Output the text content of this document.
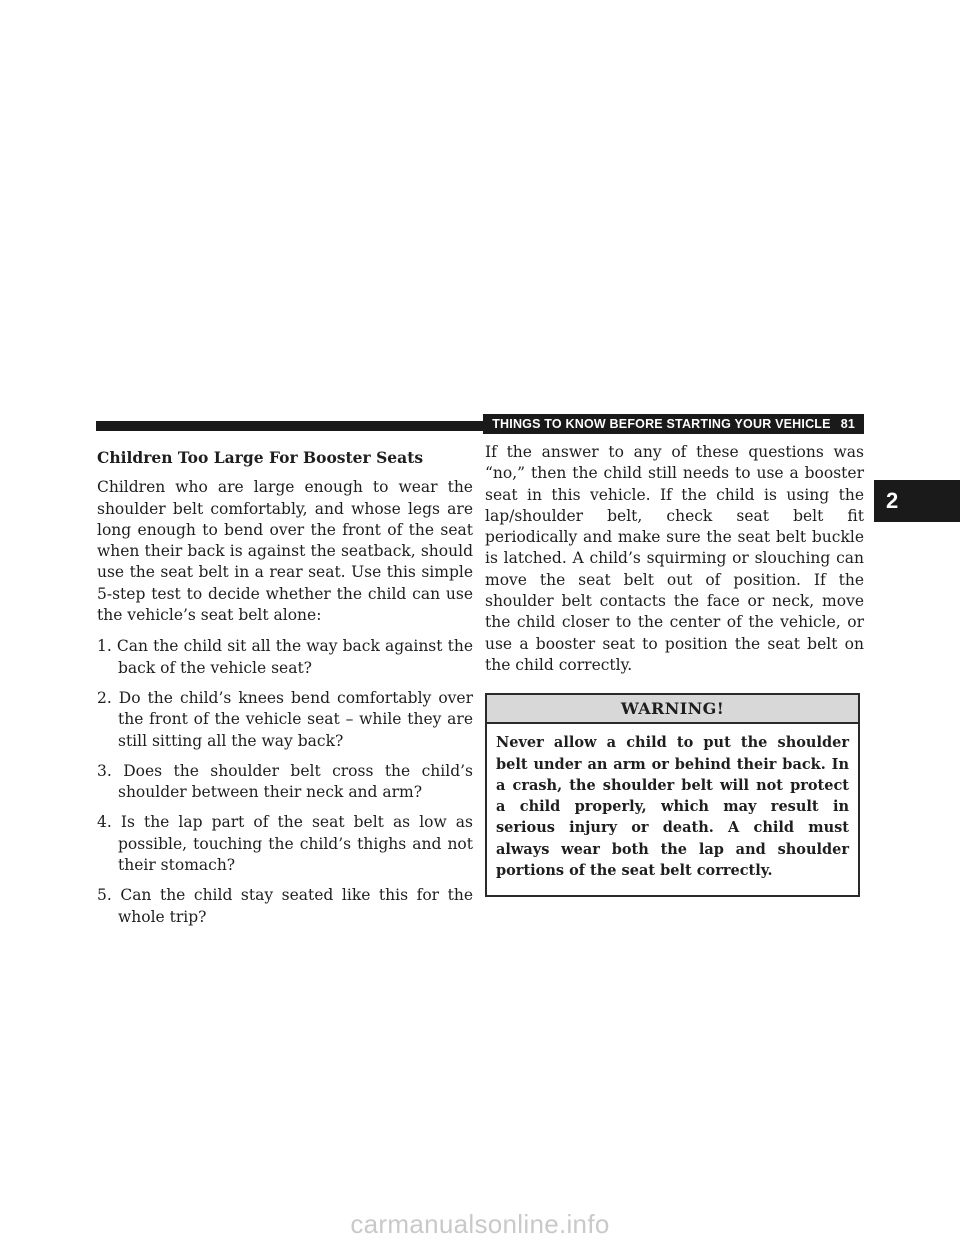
THINGS TO KNOW BEFORE STARTING YOUR VEHICLE 81
2

Children Too Large For Booster Seats

Children who are large enough to wear the shoulder belt comfortably, and whose legs are long enough to bend over the front of the seat when their back is against the seatback, should use the seat belt in a rear seat. Use this simple 5-step test to decide whether the child can use the vehicle’s seat belt alone:

1. Can the child sit all the way back against the back of the vehicle seat?
2. Do the child’s knees bend comfortably over the front of the vehicle seat – while they are still sitting all the way back?
3. Does the shoulder belt cross the child’s shoulder between their neck and arm?
4. Is the lap part of the seat belt as low as possible, touching the child’s thighs and not their stomach?
5. Can the child stay seated like this for the whole trip?

If the answer to any of these questions was “no,” then the child still needs to use a booster seat in this vehicle. If the child is using the lap/shoulder belt, check seat belt fit periodically and make sure the seat belt buckle is latched. A child’s squirming or slouching can move the seat belt out of position. If the shoulder belt contacts the face or neck, move the child closer to the center of the vehicle, or use a booster seat to position the seat belt on the child correctly.

WARNING!
Never allow a child to put the shoulder belt under an arm or behind their back. In a crash, the shoulder belt will not protect a child properly, which may result in serious injury or death. A child must always wear both the lap and shoulder portions of the seat belt correctly.
carmanualsonline.info
